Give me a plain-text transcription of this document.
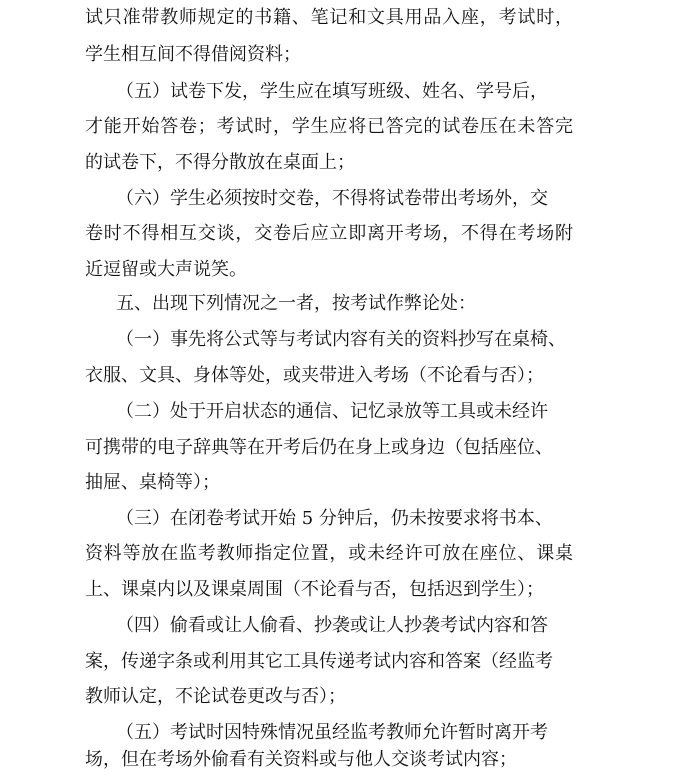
试只准带教师规定的书籍、笔记和文具用品入座，考试时，

学生相互间不得借阅资料；

（五）试卷下发，学生应在填写班级、姓名、学号后，

才能开始答卷；考试时，学生应将已答完的试卷压在未答完

的试卷下，不得分散放在桌面上；

（六）学生必须按时交卷，不得将试卷带出考场外，交

卷时不得相互交谈，交卷后应立即离开考场，不得在考场附

近逗留或大声说笑。

五、出现下列情况之一者，按考试作弊论处：

（一）事先将公式等与考试内容有关的资料抄写在桌椅、

衣服、文具、身体等处，或夹带进入考场（不论看与否）；

（二）处于开启状态的通信、记忆录放等工具或未经许

可携带的电子辞典等在开考后仍在身上或身边（包括座位、

抽屉、桌椅等）；

（三）在闭卷考试开始 5 分钟后，仍未按要求将书本、

资料等放在监考教师指定位置，或未经许可放在座位、课桌

上、课桌内以及课桌周围（不论看与否，包括迟到学生）；

（四）偷看或让人偷看、抄袭或让人抄袭考试内容和答

案，传递字条或利用其它工具传递考试内容和答案（经监考

教师认定，不论试卷更改与否）；

（五）考试时因特殊情况虽经监考教师允许暂时离开考

场，但在考场外偷看有关资料或与他人交谈考试内容；
